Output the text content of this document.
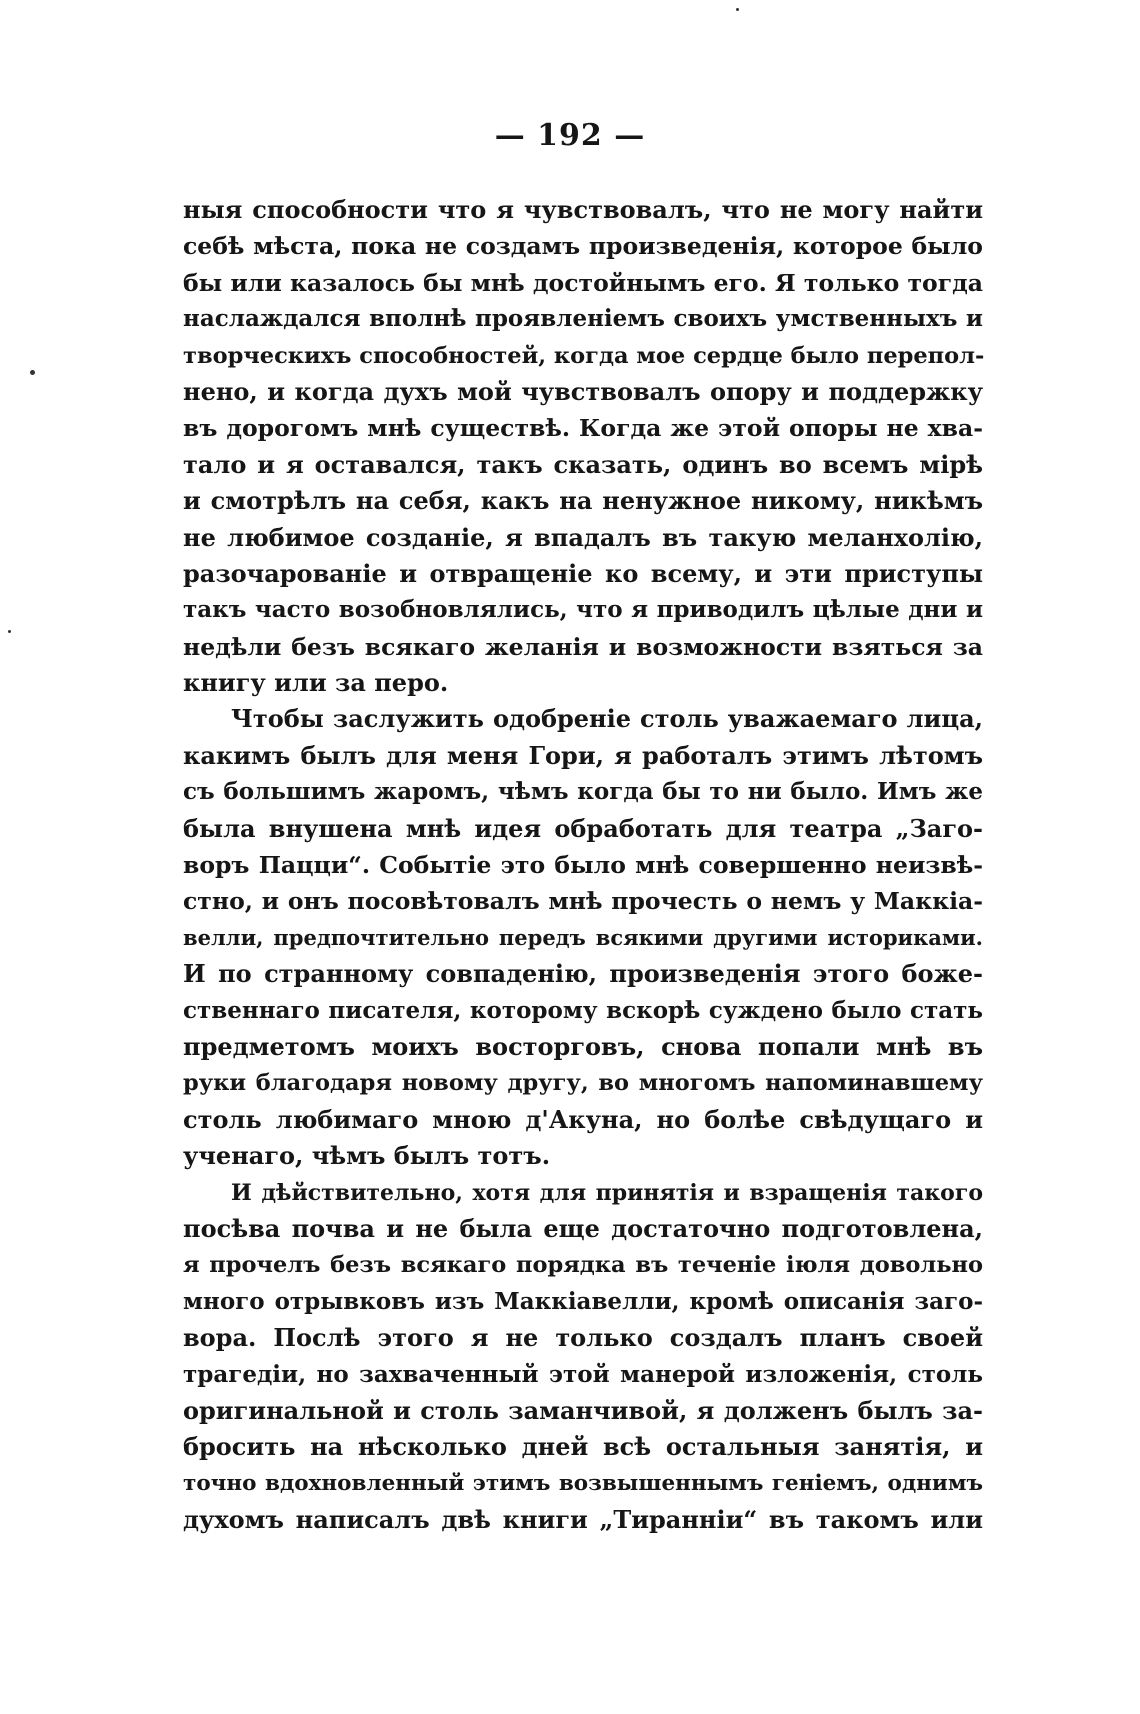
— 192 —
ныя способности что я чувствовалъ, что не могу найти
себѣ мѣста, пока не создамъ произведенія, которое было
бы или казалось бы мнѣ достойнымъ его. Я только тогда
наслаждался вполнѣ проявленіемъ своихъ умственныхъ и
творческихъ способностей, когда мое сердце было перепол-
нено, и когда духъ мой чувствовалъ опору и поддержку
въ дорогомъ мнѣ существѣ. Когда же этой опоры не хва-
тало и я оставался, такъ сказать, одинъ во всемъ мірѣ
и смотрѣлъ на себя, какъ на ненужное никому, никѣмъ
не любимое созданіе, я впадалъ въ такую меланхолію,
разочарованіе и отвращеніе ко всему, и эти приступы
такъ часто возобновлялись, что я приводилъ цѣлые дни и
недѣли безъ всякаго желанія и возможности взяться за
книгу или за перо.
Чтобы заслужить одобреніе столь уважаемаго лица,
какимъ былъ для меня Гори, я работалъ этимъ лѣтомъ
съ большимъ жаромъ, чѣмъ когда бы то ни было. Имъ же
была внушена мнѣ идея обработать для театра „Заго-
воръ Пацци“. Событіе это было мнѣ совершенно неизвѣ-
стно, и онъ посовѣтовалъ мнѣ прочесть о немъ у Маккіа-
велли, предпочтительно передъ всякими другими историками.
И по странному совпаденію, произведенія этого боже-
ственнаго писателя, которому вскорѣ суждено было стать
предметомъ моихъ восторговъ, снова попали мнѣ въ
руки благодаря новому другу, во многомъ напоминавшему
столь любимаго мною д'Акуна, но болѣе свѣдущаго и
ученаго, чѣмъ былъ тотъ.
И дѣйствительно, хотя для принятія и взращенія такого
посѣва почва и не была еще достаточно подготовлена,
я прочелъ безъ всякаго порядка въ теченіе іюля довольно
много отрывковъ изъ Маккіавелли, кромѣ описанія заго-
вора. Послѣ этого я не только создалъ планъ своей
трагедіи, но захваченный этой манерой изложенія, столь
оригинальной и столь заманчивой, я долженъ былъ за-
бросить на нѣсколько дней всѣ остальныя занятія, и
точно вдохновленный этимъ возвышеннымъ геніемъ, однимъ
духомъ написалъ двѣ книги „Тиранніи“ въ такомъ или
